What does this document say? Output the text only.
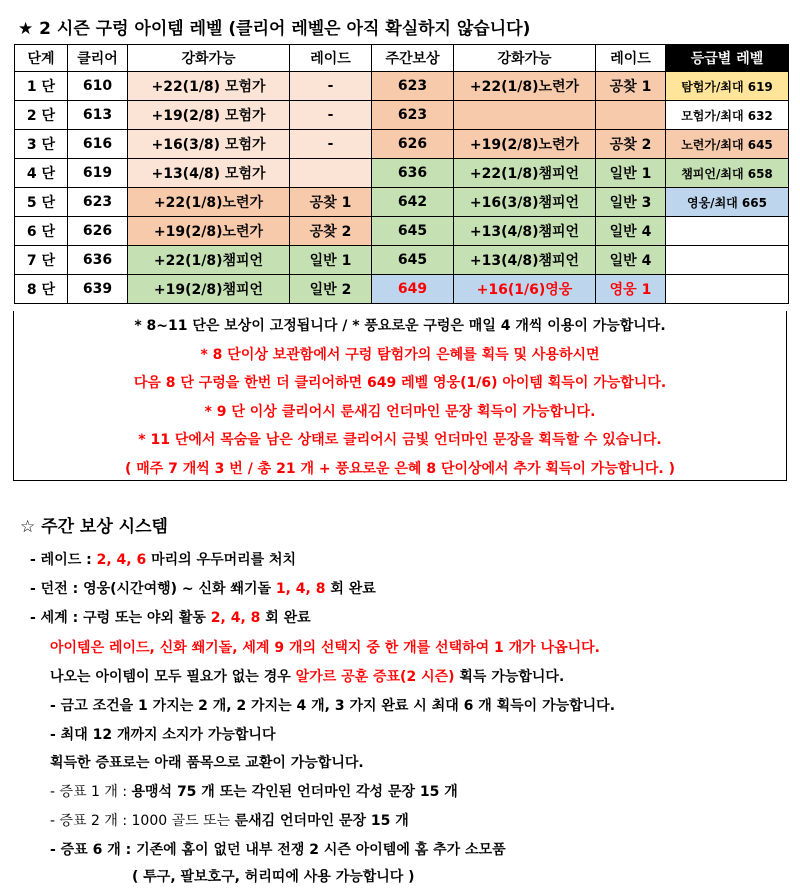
★ 2 시즌 구렁 아이템 레벨 (클리어 레벨은 아직 확실하지 않습니다)
단계	클리어	강화가능	레이드	주간보상	강화가능	레이드	등급별 레벨
1 단	610	+22(1/8) 모험가	-	623	+22(1/8)노련가	공찾 1	탐험가/최대 619
2 단	613	+19(2/8) 모험가	-	623			모험가/최대 632
3 단	616	+16(3/8) 모험가	-	626	+19(2/8)노련가	공찾 2	노련가/최대 645
4 단	619	+13(4/8) 모험가		636	+22(1/8)챔피언	일반 1	챔피언/최대 658
5 단	623	+22(1/8)노련가	공찾 1	642	+16(3/8)챔피언	일반 3	영웅/최대 665
6 단	626	+19(2/8)노련가	공찾 2	645	+13(4/8)챔피언	일반 4	
7 단	636	+22(1/8)챔피언	일반 1	645	+13(4/8)챔피언	일반 4	
8 단	639	+19(2/8)챔피언	일반 2	649	+16(1/6)영웅	영웅 1	
* 8~11 단은 보상이 고정됩니다 / * 풍요로운 구렁은 매일 4 개씩 이용이 가능합니다.
* 8 단이상 보관함에서 구렁 탐험가의 은혜를 획득 및 사용하시면
다음 8 단 구렁을 한번 더 클리어하면 649 레벨 영웅(1/6) 아이템 획득이 가능합니다.
* 9 단 이상 클리어시 룬새김 언더마인 문장 획득이 가능합니다.
* 11 단에서 목숨을 남은 상태로 클리어시 금빛 언더마인 문장을 획득할 수 있습니다.
( 매주 7 개씩 3 번 / 총 21 개 + 풍요로운 은혜 8 단이상에서 추가 획득이 가능합니다. )
☆ 주간 보상 시스템
- 레이드 : 2, 4, 6 마리의 우두머리를 처치
- 던전 : 영웅(시간여행) ~ 신화 쐐기돌 1, 4, 8 회 완료
- 세계 : 구렁 또는 야외 활동 2, 4, 8 회 완료
아이템은 레이드, 신화 쐐기돌, 세계 9 개의 선택지 중 한 개를 선택하여 1 개가 나옵니다.
나오는 아이템이 모두 필요가 없는 경우 알가르 공훈 증표(2 시즌) 획득 가능합니다.
- 금고 조건을 1 가지는 2 개, 2 가지는 4 개, 3 가지 완료 시 최대 6 개 획득이 가능합니다.
- 최대 12 개까지 소지가 가능합니다
획득한 증표로는 아래 품목으로 교환이 가능합니다.
- 증표 1 개 : 용맹석 75 개 또는 각인된 언더마인 각성 문장 15 개
- 증표 2 개 : 1000 골드 또는 룬새김 언더마인 문장 15 개
- 증표 6 개 : 기존에 홈이 없던 내부 전쟁 2 시즌 아이템에 홈 추가 소모품
( 투구, 팔보호구, 허리띠에 사용 가능합니다 )
